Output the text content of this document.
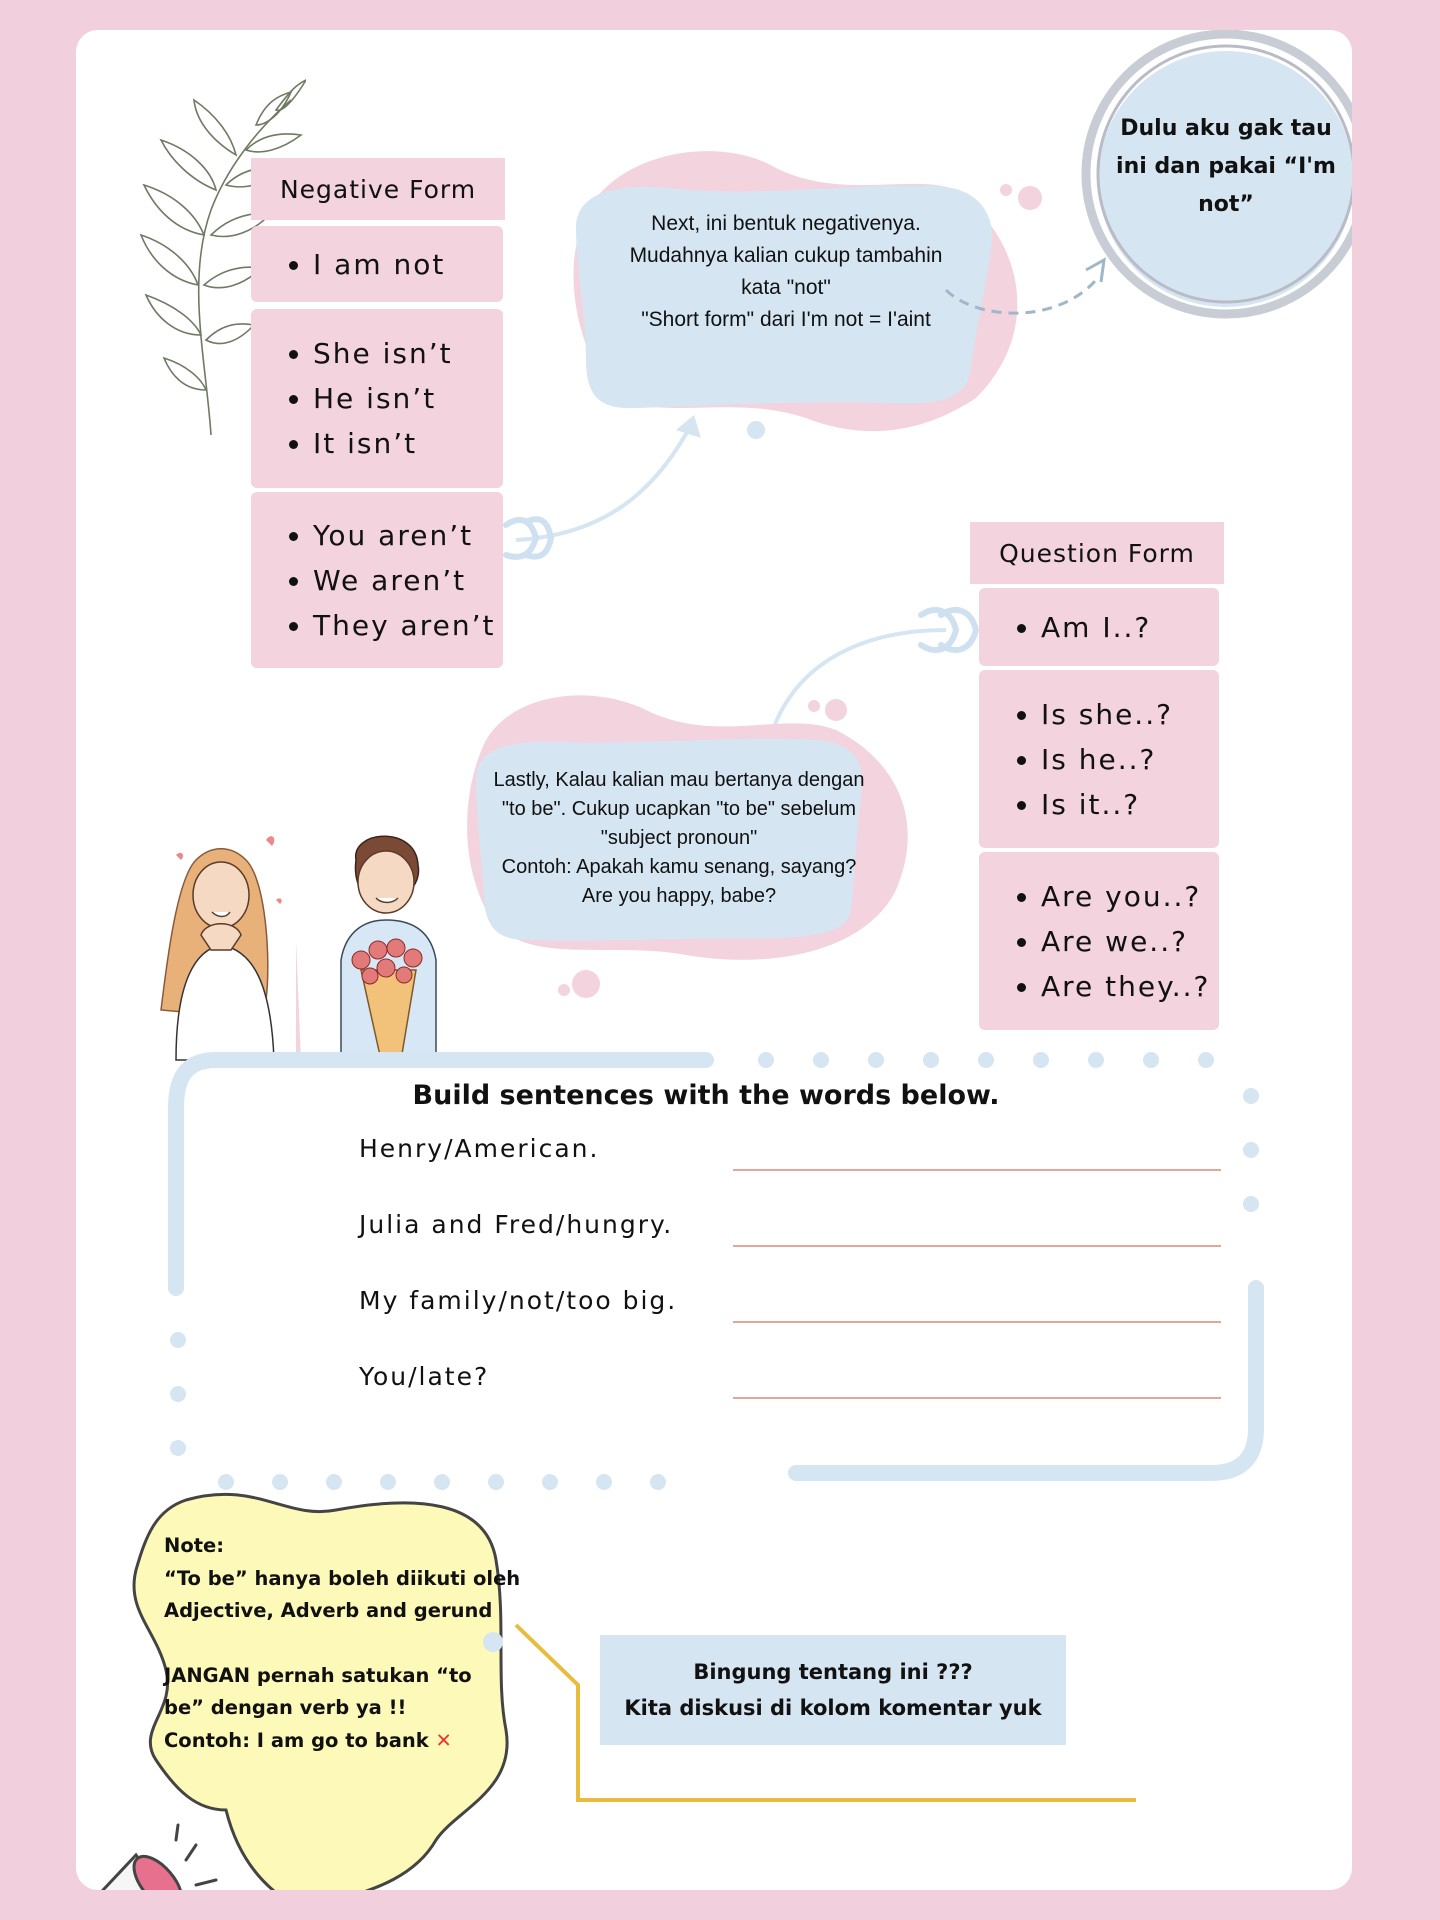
Negative Form
• I am not
• She isn’t
• He isn’t
• It isn’t
• You aren’t
• We aren’t
• They aren’t
Next, ini bentuk negativenya.
Mudahnya kalian cukup tambahin
kata "not"
"Short form" dari I'm not = I'aint
Dulu aku gak tau
ini dan pakai “I'm
not”
Question Form
• Am I..?
• Is she..?
• Is he..?
• Is it..?
• Are you..?
• Are we..?
• Are they..?
Lastly, Kalau kalian mau bertanya dengan
"to be". Cukup ucapkan "to be" sebelum
"subject pronoun"
Contoh: Apakah kamu senang, sayang?
Are you happy, babe?
Build sentences with the words below.
Henry/American.
Julia and Fred/hungry.
My family/not/too big.
You/late?
Note:
“To be” hanya boleh diikuti oleh
Adjective, Adverb and gerund
JANGAN pernah satukan “to
be” dengan verb ya !!
Contoh: I am go to bank ✕
Bingung tentang ini ???
Kita diskusi di kolom komentar yuk
